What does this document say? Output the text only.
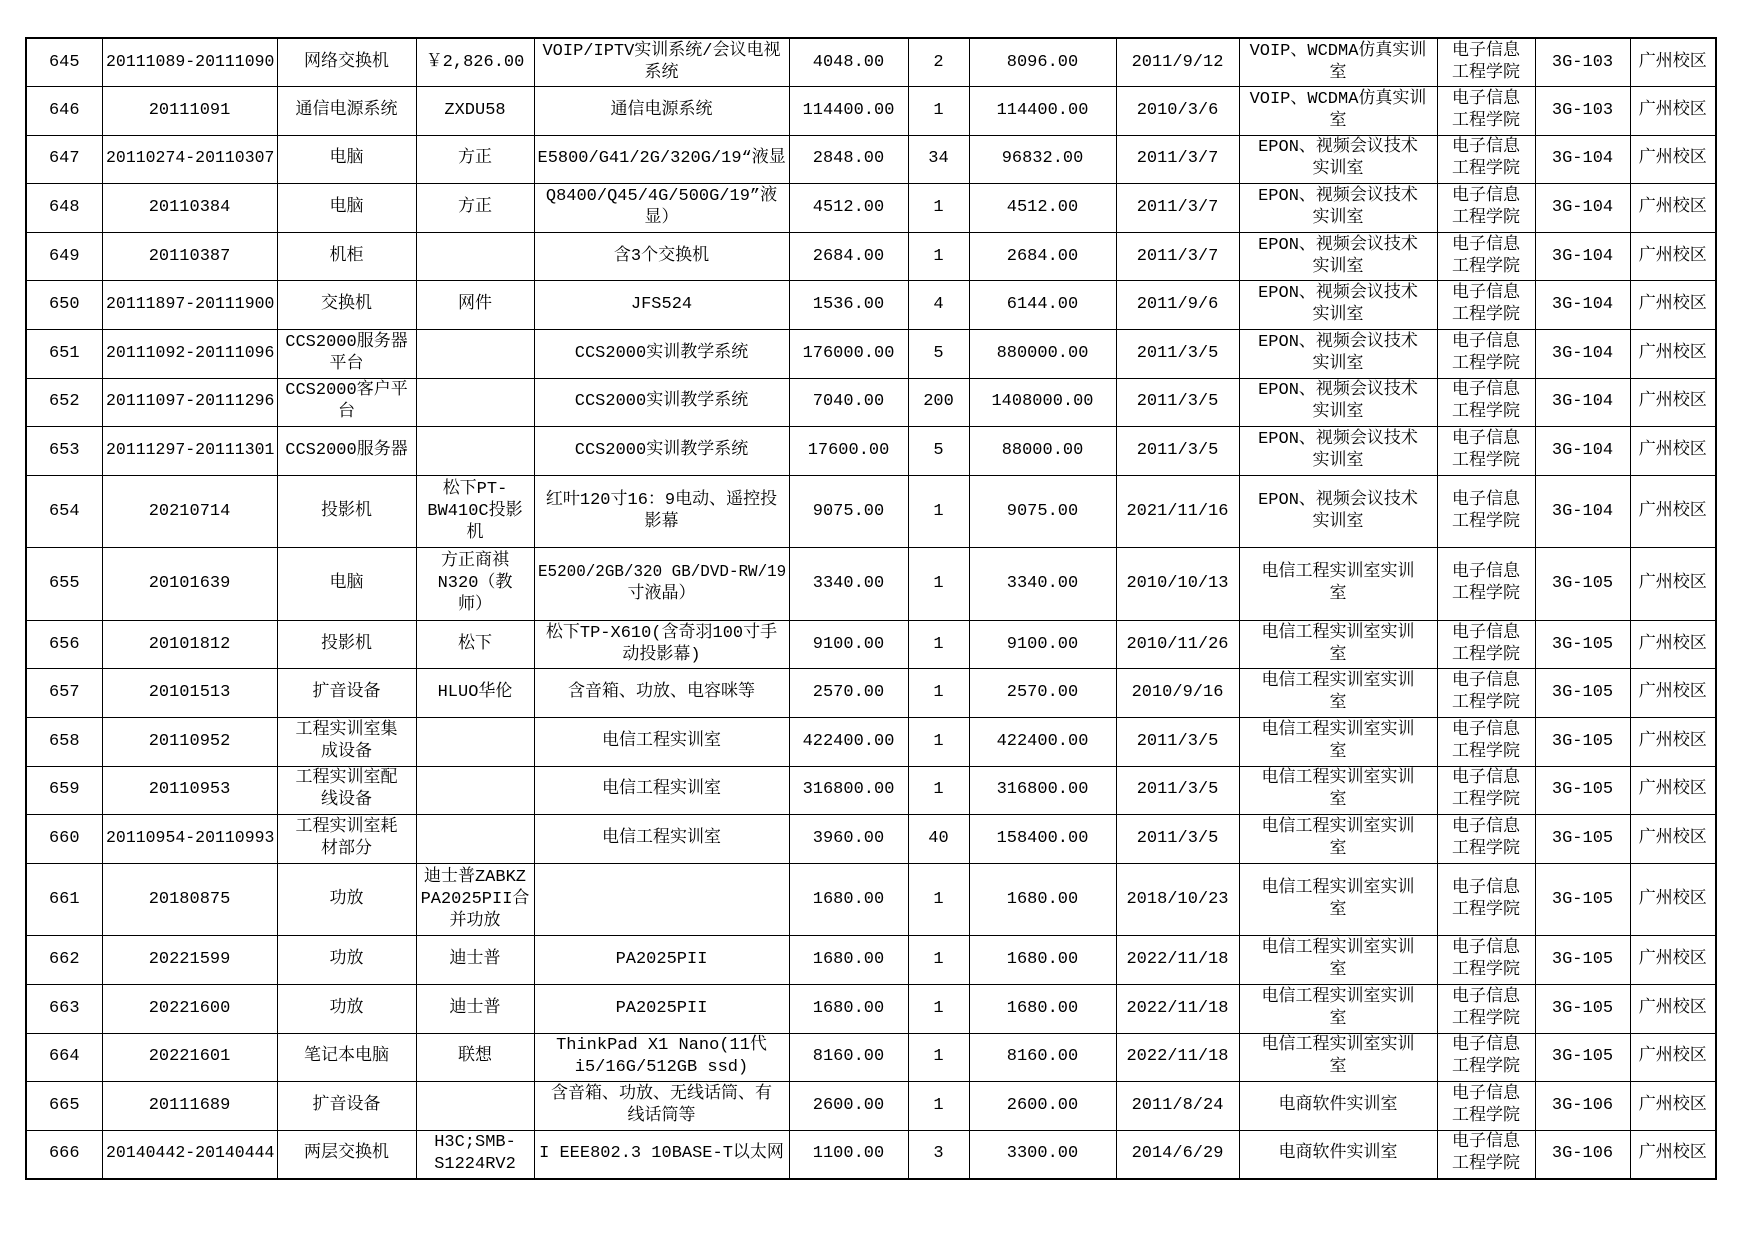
645	20111089-20111090	网络交换机	￥2,826.00	VOIP/IPTV实训系统/会议电视
系统	4048.00	2	8096.00	2011/9/12	VOIP、WCDMA仿真实训
室	电子信息
工程学院	3G-103	广州校区

646	20111091	通信电源系统	ZXDU58	通信电源系统	114400.00	1	114400.00	2010/3/6	VOIP、WCDMA仿真实训
室	电子信息
工程学院	3G-103	广州校区

647	20110274-20110307	电脑	方正	E5800/G41/2G/320G/19“液显	2848.00	34	96832.00	2011/3/7	EPON、视频会议技术
实训室	电子信息
工程学院	3G-104	广州校区

648	20110384	电脑	方正	Q8400/Q45/4G/500G/19”液
显）	4512.00	1	4512.00	2011/3/7	EPON、视频会议技术
实训室	电子信息
工程学院	3G-104	广州校区

649	20110387	机柜		含3个交换机	2684.00	1	2684.00	2011/3/7	EPON、视频会议技术
实训室	电子信息
工程学院	3G-104	广州校区

650	20111897-20111900	交换机	网件	JFS524	1536.00	4	6144.00	2011/9/6	EPON、视频会议技术
实训室	电子信息
工程学院	3G-104	广州校区

651	20111092-20111096	CCS2000服务器
平台		CCS2000实训教学系统	176000.00	5	880000.00	2011/3/5	EPON、视频会议技术
实训室	电子信息
工程学院	3G-104	广州校区

652	20111097-20111296	CCS2000客户平
台		CCS2000实训教学系统	7040.00	200	1408000.00	2011/3/5	EPON、视频会议技术
实训室	电子信息
工程学院	3G-104	广州校区

653	20111297-20111301	CCS2000服务器		CCS2000实训教学系统	17600.00	5	88000.00	2011/3/5	EPON、视频会议技术
实训室	电子信息
工程学院	3G-104	广州校区

654	20210714	投影机	松下PT-
BW410C投影
机	红叶120寸16：9电动、遥控投
影幕	9075.00	1	9075.00	2021/11/16	EPON、视频会议技术
实训室	电子信息
工程学院	3G-104	广州校区

655	20101639	电脑	方正商祺
N320（教
师）	E5200/2GB/320 GB/DVD-RW/19
寸液晶）	3340.00	1	3340.00	2010/10/13	电信工程实训室实训
室	电子信息
工程学院	3G-105	广州校区

656	20101812	投影机	松下	松下TP-X610(含奇羽100寸手
动投影幕)	9100.00	1	9100.00	2010/11/26	电信工程实训室实训
室	电子信息
工程学院	3G-105	广州校区

657	20101513	扩音设备	HLUO华伦	含音箱、功放、电容咪等	2570.00	1	2570.00	2010/9/16	电信工程实训室实训
室	电子信息
工程学院	3G-105	广州校区

658	20110952	工程实训室集
成设备		电信工程实训室	422400.00	1	422400.00	2011/3/5	电信工程实训室实训
室	电子信息
工程学院	3G-105	广州校区

659	20110953	工程实训室配
线设备		电信工程实训室	316800.00	1	316800.00	2011/3/5	电信工程实训室实训
室	电子信息
工程学院	3G-105	广州校区

660	20110954-20110993	工程实训室耗
材部分		电信工程实训室	3960.00	40	158400.00	2011/3/5	电信工程实训室实训
室	电子信息
工程学院	3G-105	广州校区

661	20180875	功放	迪士普ZABKZ
PA2025PII合
并功放		1680.00	1	1680.00	2018/10/23	电信工程实训室实训
室	电子信息
工程学院	3G-105	广州校区

662	20221599	功放	迪士普	PA2025PII	1680.00	1	1680.00	2022/11/18	电信工程实训室实训
室	电子信息
工程学院	3G-105	广州校区

663	20221600	功放	迪士普	PA2025PII	1680.00	1	1680.00	2022/11/18	电信工程实训室实训
室	电子信息
工程学院	3G-105	广州校区

664	20221601	笔记本电脑	联想	ThinkPad X1 Nano(11代
i5/16G/512GB ssd)	8160.00	1	8160.00	2022/11/18	电信工程实训室实训
室	电子信息
工程学院	3G-105	广州校区

665	20111689	扩音设备		含音箱、功放、无线话筒、有
线话筒等	2600.00	1	2600.00	2011/8/24	电商软件实训室	电子信息
工程学院	3G-106	广州校区

666	20140442-20140444	两层交换机	H3C;SMB-
S1224RV2	I EEE802.3 10BASE-T以太网	1100.00	3	3300.00	2014/6/29	电商软件实训室	电子信息
工程学院	3G-106	广州校区
